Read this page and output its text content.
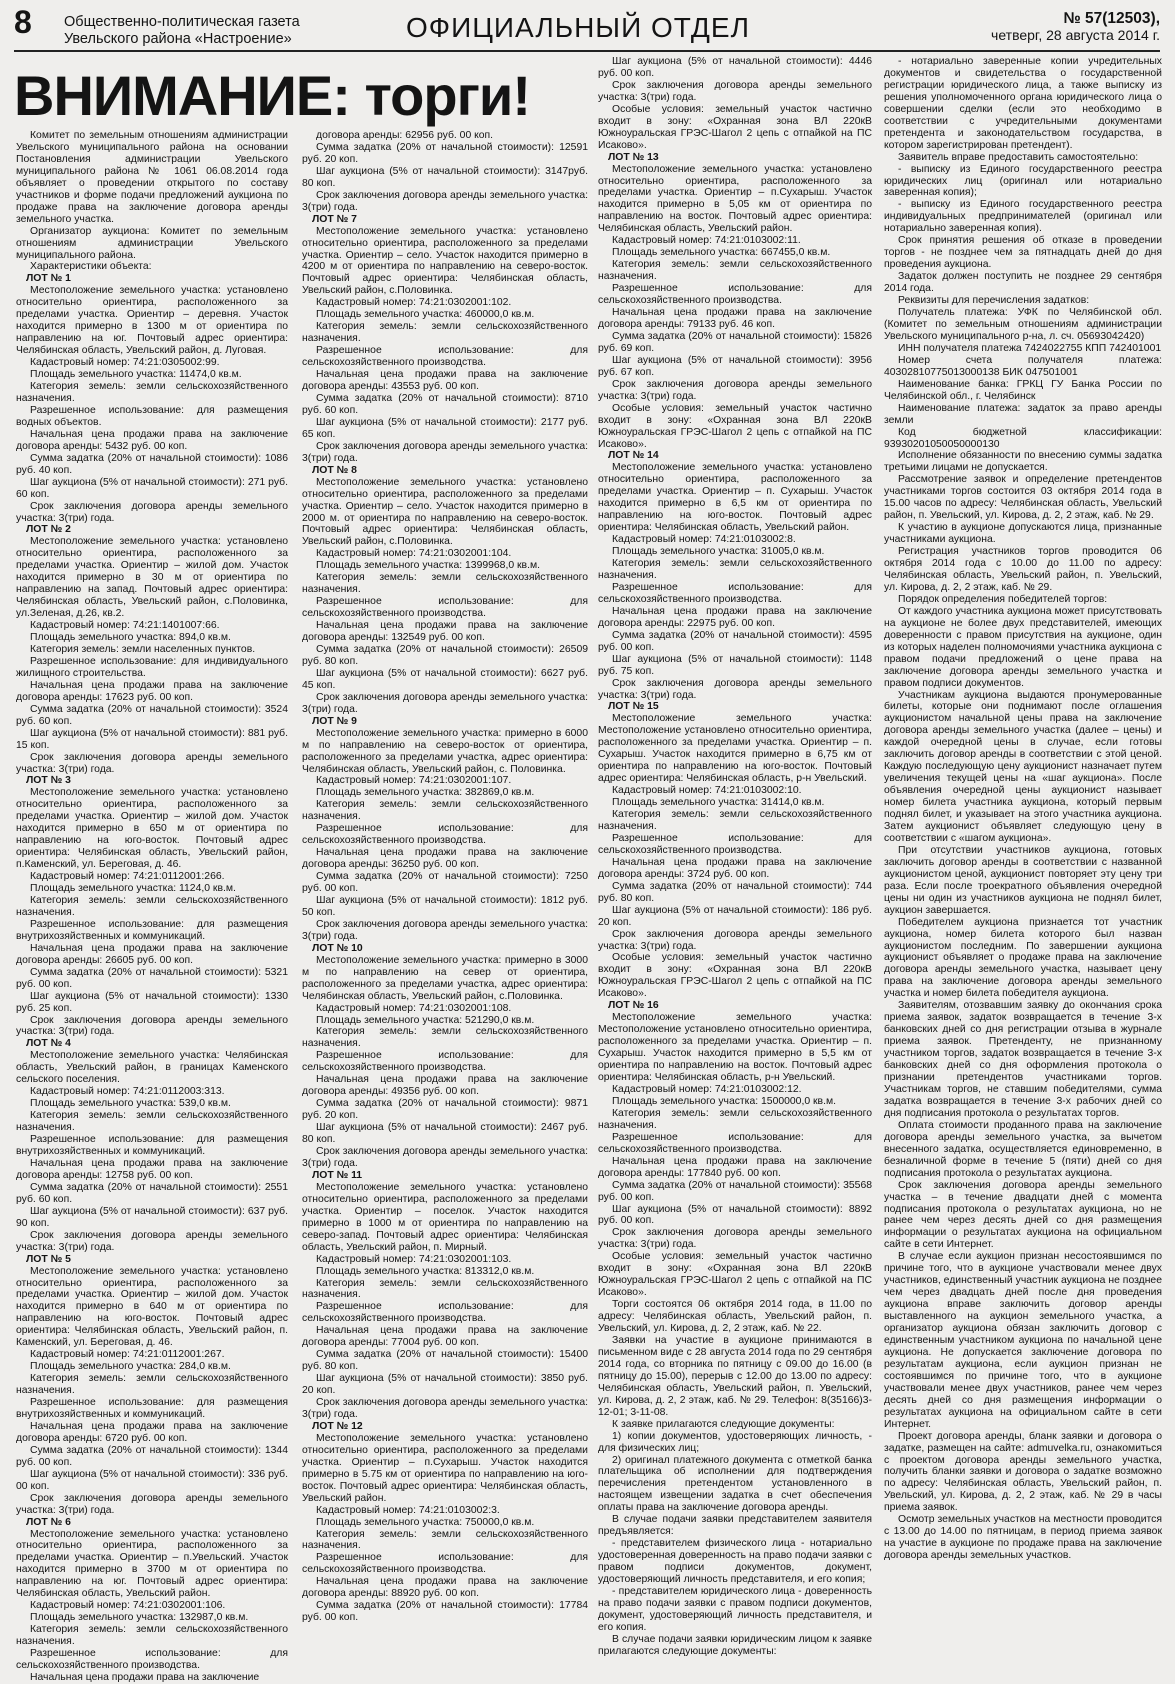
8 Общественно-политическая газета
Увельского района «Настроение»	ОФИЦИАЛЬНЫЙ ОТДЕЛ	№ 57(12503),
четверг, 28 августа 2014 г.
ВНИМАНИЕ: торги!

Комитет по земельным отношениям администрации Увельского муниципального района на основании Постановления администрации Увельского муниципального района № 1061 06.08.2014 года объявляет о проведении открытого по составу участников и форме подачи предложений аукциона по продаже права на заключение договора аренды земельного участка.

Организатор аукциона: Комитет по земельным отношениям администрации Увельского муниципального района.

Характеристики объекта:

ЛОТ № 1

Местоположение земельного участка: установлено относительно ориентира, расположенного за пределами участка. Ориентир – деревня. Участок находится примерно в 1300 м от ориентира по направлению на юг. Почтовый адрес ориентира: Челябинская область, Увельский район, д. Луговая.

Кадастровый номер: 74:21:0305002:99.

Площадь земельного участка: 11474,0 кв.м.

Категория земель: земли сельскохозяйственного назначения.

Разрешенное использование: для размещения водных объектов.

Начальная цена продажи права на заключение договора аренды: 5432 руб. 00 коп.

Сумма задатка (20% от начальной стоимости): 1086 руб. 40 коп.

Шаг аукциона (5% от начальной стоимости): 271 руб. 60 коп.

Срок заключения договора аренды земельного участка: 3(три) года.

ЛОТ № 2

Местоположение земельного участка: установлено относительно ориентира, расположенного за пределами участка. Ориентир – жилой дом. Участок находится примерно в 30 м от ориентира по направлению на запад. Почтовый адрес ориентира: Челябинская область, Увельский район, с.Половинка, ул.Зеленая, д.26, кв.2.

Кадастровый номер: 74:21:1401007:66.

Площадь земельного участка: 894,0 кв.м.

Категория земель: земли населенных пунктов.

Разрешенное использование: для индивидуального жилищного строительства.

Начальная цена продажи права на заключение договора аренды: 17623 руб. 00 коп.

Сумма задатка (20% от начальной стоимости): 3524 руб. 60 коп.

Шаг аукциона (5% от начальной стоимости): 881 руб. 15 коп.

Срок заключения договора аренды земельного участка: 3(три) года.

ЛОТ № 3

Местоположение земельного участка: установлено относительно ориентира, расположенного за пределами участка. Ориентир – жилой дом. Участок находится примерно в 650 м от ориентира по направлению на юго-восток. Почтовый адрес ориентира: Челябинская область, Увельский район, п.Каменский, ул. Береговая, д. 46.

Кадастровый номер: 74:21:0112001:266.

Площадь земельного участка: 1124,0 кв.м.

Категория земель: земли сельскохозяйственного назначения.

Разрешенное использование: для размещения внутрихозяйственных и коммуникаций.

Начальная цена продажи права на заключение договора аренды: 26605 руб. 00 коп.

Сумма задатка (20% от начальной стоимости): 5321 руб. 00 коп.

Шаг аукциона (5% от начальной стоимости): 1330 руб. 25 коп.

Срок заключения договора аренды земельного участка: 3(три) года.

ЛОТ № 4

Местоположение земельного участка: Челябинская область, Увельский район, в границах Каменского сельского поселения.

Кадастровый номер: 74:21:0112003:313.

Площадь земельного участка: 539,0 кв.м.

Категория земель: земли сельскохозяйственного назначения.

Разрешенное использование: для размещения внутрихозяйственных и коммуникаций.

Начальная цена продажи права на заключение договора аренды: 12758 руб. 00 коп.

Сумма задатка (20% от начальной стоимости): 2551 руб. 60 коп.

Шаг аукциона (5% от начальной стоимости): 637 руб. 90 коп.

Срок заключения договора аренды земельного участка: 3(три) года.

ЛОТ № 5

Местоположение земельного участка: установлено относительно ориентира, расположенного за пределами участка. Ориентир – жилой дом. Участок находится примерно в 640 м от ориентира по направлению на юго-восток. Почтовый адрес ориентира: Челябинская область, Увельский район, п. Каменский, ул. Береговая, д. 46.

Кадастровый номер: 74:21:0112001:267.

Площадь земельного участка: 284,0 кв.м.

Категория земель: земли сельскохозяйственного назначения.

Разрешенное использование: для размещения внутрихозяйственных и коммуникаций.

Начальная цена продажи права на заключение договора аренды: 6720 руб. 00 коп.

Сумма задатка (20% от начальной стоимости): 1344 руб. 00 коп.

Шаг аукциона (5% от начальной стоимости): 336 руб. 00 коп.

Срок заключения договора аренды земельного участка: 3(три) года.

ЛОТ № 6

Местоположение земельного участка: установлено относительно ориентира, расположенного за пределами участка. Ориентир – п.Увельский. Участок находится примерно в 3700 м от ориентира по направлению на юг. Почтовый адрес ориентира: Челябинская область, Увельский район.

Кадастровый номер: 74:21:0302001:106.

Площадь земельного участка: 132987,0 кв.м.

Категория земель: земли сельскохозяйственного назначения.

Разрешенное использование: для сельскохозяйственного производства.

Начальная цена продажи права на заключение

договора аренды: 62956 руб. 00 коп.

Сумма задатка (20% от начальной стоимости): 12591 руб. 20 коп.

Шаг аукциона (5% от начальной стоимости): 3147руб. 80 коп.

Срок заключения договора аренды земельного участка: 3(три) года.

ЛОТ № 7

Местоположение земельного участка: установлено относительно ориентира, расположенного за пределами участка. Ориентир – село. Участок находится примерно в 4200 м от ориентира по направлению на северо-восток. Почтовый адрес ориентира: Челябинская область, Увельский район, с.Половинка.

Кадастровый номер: 74:21:0302001:102.

Площадь земельного участка: 460000,0 кв.м.

Категория земель: земли сельскохозяйственного назначения.

Разрешенное использование: для сельскохозяйственного производства.

Начальная цена продажи права на заключение договора аренды: 43553 руб. 00 коп.

Сумма задатка (20% от начальной стоимости): 8710 руб. 60 коп.

Шаг аукциона (5% от начальной стоимости): 2177 руб. 65 коп.

Срок заключения договора аренды земельного участка: 3(три) года.

ЛОТ № 8

Местоположение земельного участка: установлено относительно ориентира, расположенного за пределами участка. Ориентир – село. Участок находится примерно в 2000 м. от ориентира по направлению на северо-восток. Почтовый адрес ориентира: Челябинская область, Увельский район, с.Половинка.

Кадастровый номер: 74:21:0302001:104.

Площадь земельного участка: 1399968,0 кв.м.

Категория земель: земли сельскохозяйственного назначения.

Разрешенное использование: для сельскохозяйственного производства.

Начальная цена продажи права на заключение договора аренды: 132549 руб. 00 коп.

Сумма задатка (20% от начальной стоимости): 26509 руб. 80 коп.

Шаг аукциона (5% от начальной стоимости): 6627 руб. 45 коп.

Срок заключения договора аренды земельного участка: 3(три) года.

ЛОТ № 9

Местоположение земельного участка: примерно в 6000 м по направлению на северо-восток от ориентира, расположенного за пределами участка, адрес ориентира: Челябинская область, Увельский район, с. Половинка.

Кадастровый номер: 74:21:0302001:107.

Площадь земельного участка: 382869,0 кв.м.

Категория земель: земли сельскохозяйственного назначения.

Разрешенное использование: для сельскохозяйственного производства.

Начальная цена продажи права на заключение договора аренды: 36250 руб. 00 коп.

Сумма задатка (20% от начальной стоимости): 7250 руб. 00 коп.

Шаг аукциона (5% от начальной стоимости): 1812 руб. 50 коп.

Срок заключения договора аренды земельного участка: 3(три) года.

ЛОТ № 10

Местоположение земельного участка: примерно в 3000 м по направлению на север от ориентира, расположенного за пределами участка, адрес ориентира: Челябинская область, Увельский район, с.Половинка.

Кадастровый номер: 74:21:0302001:108.

Площадь земельного участка: 521290,0 кв.м.

Категория земель: земли сельскохозяйственного назначения.

Разрешенное использование: для сельскохозяйственного производства.

Начальная цена продажи права на заключение договора аренды: 49356 руб. 00 коп.

Сумма задатка (20% от начальной стоимости): 9871 руб. 20 коп.

Шаг аукциона (5% от начальной стоимости): 2467 руб. 80 коп.

Срок заключения договора аренды земельного участка: 3(три) года.

ЛОТ № 11

Местоположение земельного участка: установлено относительно ориентира, расположенного за пределами участка. Ориентир – поселок. Участок находится примерно в 1000 м от ориентира по направлению на северо-запад. Почтовый адрес ориентира: Челябинская область, Увельский район, п. Мирный.

Кадастровый номер: 74:21:0302001:103.

Площадь земельного участка: 813312,0 кв.м.

Категория земель: земли сельскохозяйственного назначения.

Разрешенное использование: для сельскохозяйственного производства.

Начальная цена продажи права на заключение договора аренды: 77004 руб. 00 коп.

Сумма задатка (20% от начальной стоимости): 15400 руб. 80 коп.

Шаг аукциона (5% от начальной стоимости): 3850 руб. 20 коп.

Срок заключения договора аренды земельного участка: 3(три) года.

ЛОТ № 12

Местоположение земельного участка: установлено относительно ориентира, расположенного за пределами участка. Ориентир – п.Сухарыш. Участок находится примерно в 5.75 км от ориентира по направлению на юго-восток. Почтовый адрес ориентира: Челябинская область, Увельский район.

Кадастровый номер: 74:21:0103002:3.

Площадь земельного участка: 750000,0 кв.м.

Категория земель: земли сельскохозяйственного назначения.

Разрешенное использование: для сельскохозяйственного производства.

Начальная цена продажи права на заключение договора аренды: 88920 руб. 00 коп.

Сумма задатка (20% от начальной стоимости): 17784 руб. 00 коп.

Шаг аукциона (5% от начальной стоимости): 4446 руб. 00 коп.

Срок заключения договора аренды земельного участка: 3(три) года.

Особые условия: земельный участок частично входит в зону: «Охранная зона ВЛ 220кВ Южноуральская ГРЭС-Шагол 2 цепь с отпайкой на ПС Исаково».

ЛОТ № 13

Местоположение земельного участка: установлено относительно ориентира, расположенного за пределами участка. Ориентир – п.Сухарыш. Участок находится примерно в 5,05 км от ориентира по направлению на восток. Почтовый адрес ориентира: Челябинская область, Увельский район.

Кадастровый номер: 74:21:0103002:11.

Площадь земельного участка: 667455,0 кв.м.

Категория земель: земли сельскохозяйственного назначения.

Разрешенное использование: для сельскохозяйственного производства.

Начальная цена продажи права на заключение договора аренды: 79133 руб. 46 коп.

Сумма задатка (20% от начальной стоимости): 15826 руб. 69 коп.

Шаг аукциона (5% от начальной стоимости): 3956 руб. 67 коп.

Срок заключения договора аренды земельного участка: 3(три) года.

Особые условия: земельный участок частично входит в зону: «Охранная зона ВЛ 220кВ Южноуральская ГРЭС-Шагол 2 цепь с отпайкой на ПС Исаково».

ЛОТ № 14

Местоположение земельного участка: установлено относительно ориентира, расположенного за пределами участка. Ориентир – п. Сухарыш. Участок находится примерно в 6,5 км от ориентира по направлению на юго-восток. Почтовый адрес ориентира: Челябинская область, Увельский район.

Кадастровый номер: 74:21:0103002:8.

Площадь земельного участка: 31005,0 кв.м.

Категория земель: земли сельскохозяйственного назначения.

Разрешенное использование: для сельскохозяйственного производства.

Начальная цена продажи права на заключение договора аренды: 22975 руб. 00 коп.

Сумма задатка (20% от начальной стоимости): 4595 руб. 00 коп.

Шаг аукциона (5% от начальной стоимости): 1148 руб. 75 коп.

Срок заключения договора аренды земельного участка: 3(три) года.

ЛОТ № 15

Местоположение земельного участка: Местоположение установлено относительно ориентира, расположенного за пределами участка. Ориентир – п. Сухарыш. Участок находится примерно в 6,75 км от ориентира по направлению на юго-восток. Почтовый адрес ориентира: Челябинская область, р-н Увельский.

Кадастровый номер: 74:21:0103002:10.

Площадь земельного участка: 31414,0 кв.м.

Категория земель: земли сельскохозяйственного назначения.

Разрешенное использование: для сельскохозяйственного производства.

Начальная цена продажи права на заключение договора аренды: 3724 руб. 00 коп.

Сумма задатка (20% от начальной стоимости): 744 руб. 80 коп.

Шаг аукциона (5% от начальной стоимости): 186 руб. 20 коп.

Срок заключения договора аренды земельного участка: 3(три) года.

Особые условия: земельный участок частично входит в зону: «Охранная зона ВЛ 220кВ Южноуральская ГРЭС-Шагол 2 цепь с отпайкой на ПС Исаково».

ЛОТ № 16

Местоположение земельного участка: Местоположение установлено относительно ориентира, расположенного за пределами участка. Ориентир – п. Сухарыш. Участок находится примерно в 5,5 км от ориентира по направлению на восток. Почтовый адрес ориентира: Челябинская область, р-н Увельский.

Кадастровый номер: 74:21:0103002:12.

Площадь земельного участка: 1500000,0 кв.м.

Категория земель: земли сельскохозяйственного назначения.

Разрешенное использование: для сельскохозяйственного производства.

Начальная цена продажи права на заключение договора аренды: 177840 руб. 00 коп.

Сумма задатка (20% от начальной стоимости): 35568 руб. 00 коп.

Шаг аукциона (5% от начальной стоимости): 8892 руб. 00 коп.

Срок заключения договора аренды земельного участка: 3(три) года.

Особые условия: земельный участок частично входит в зону: «Охранная зона ВЛ 220кВ Южноуральская ГРЭС-Шагол 2 цепь с отпайкой на ПС Исаково».

Торги состоятся 06 октября 2014 года, в 11.00 по адресу: Челябинская область, Увельский район, п. Увельский, ул. Кирова, д. 2, 2 этаж, каб. № 22.

Заявки на участие в аукционе принимаются в письменном виде с 28 августа 2014 года по 29 сентября 2014 года, со вторника по пятницу с 09.00 до 16.00 (в пятницу до 15.00), перерыв с 12.00 до 13.00 по адресу: Челябинская область, Увельский район, п. Увельский, ул. Кирова, д. 2, 2 этаж, каб. № 29. Телефон: 8(35166)3-12-01; 3-11-08.

К заявке прилагаются следующие документы:

1) копии документов, удостоверяющих личность, - для физических лиц;

2) оригинал платежного документа с отметкой банка плательщика об исполнении для подтверждения перечисления претендентом установленного в настоящем извещении задатка в счет обеспечения оплаты права на заключение договора аренды.

В случае подачи заявки представителем заявителя предъявляется:

- представителем физического лица - нотариально удостоверенная доверенность на право подачи заявки с правом подписи документов, документ, удостоверяющий личность представителя, и его копия;

- представителем юридического лица - доверенность на право подачи заявки с правом подписи документов, документ, удостоверяющий личность представителя, и его копия.

В случае подачи заявки юридическим лицом к заявке прилагаются следующие документы:

- нотариально заверенные копии учредительных документов и свидетельства о государственной регистрации юридического лица, а также выписку из решения уполномоченного органа юридического лица о совершении сделки (если это необходимо в соответствии с учредительными документами претендента и законодательством государства, в котором зарегистрирован претендент).

Заявитель вправе предоставить самостоятельно:

- выписку из Единого государственного реестра юридических лиц (оригинал или нотариально заверенная копия);

- выписку из Единого государственного реестра индивидуальных предпринимателей (оригинал или нотариально заверенная копия).

Срок принятия решения об отказе в проведении торгов - не позднее чем за пятнадцать дней до дня проведения аукциона.

Задаток должен поступить не позднее 29 сентября 2014 года.

Реквизиты для перечисления задатков:

Получатель платежа: УФК по Челябинской обл. (Комитет по земельным отношениям администрации Увельского муниципального р-на, л. сч. 05693042420)

ИНН получателя платежа 7424022755 КПП 742401001

Номер счета получателя платежа: 40302810775013000138 БИК 047501001

Наименование банка: ГРКЦ ГУ Банка России по Челябинской обл., г. Челябинск

Наименование платежа: задаток за право аренды земли

Код бюджетной классификации: 93930201050050000130

Исполнение обязанности по внесению суммы задатка третьими лицами не допускается.

Рассмотрение заявок и определение претендентов участниками торгов состоится 03 октября 2014 года в 15.00 часов по адресу: Челябинская область, Увельский район, п. Увельский, ул. Кирова, д. 2, 2 этаж, каб. № 29.

К участию в аукционе допускаются лица, признанные участниками аукциона.

Регистрация участников торгов проводится 06 октября 2014 года с 10.00 до 11.00 по адресу: Челябинская область, Увельский район, п. Увельский, ул. Кирова, д. 2, 2 этаж, каб. № 29.

Порядок определения победителей торгов:

От каждого участника аукциона может присутствовать на аукционе не более двух представителей, имеющих доверенности с правом присутствия на аукционе, один из которых наделен полномочиями участника аукциона с правом подачи предложений о цене права на заключение договора аренды земельного участка и правом подписи документов.

Участникам аукциона выдаются пронумерованные билеты, которые они поднимают после оглашения аукционистом начальной цены права на заключение договора аренды земельного участка (далее – цены) и каждой очередной цены в случае, если готовы заключить договор аренды в соответствии с этой ценой. Каждую последующую цену аукционист назначает путем увеличения текущей цены на «шаг аукциона». После объявления очередной цены аукционист называет номер билета участника аукциона, который первым поднял билет, и указывает на этого участника аукциона. Затем аукционист объявляет следующую цену в соответствии с «шагом аукциона».

При отсутствии участников аукциона, готовых заключить договор аренды в соответствии с названной аукционистом ценой, аукционист повторяет эту цену три раза. Если после троекратного объявления очередной цены ни один из участников аукциона не поднял билет, аукцион завершается.

Победителем аукциона признается тот участник аукциона, номер билета которого был назван аукционистом последним. По завершении аукциона аукционист объявляет о продаже права на заключение договора аренды земельного участка, называет цену права на заключение договора аренды земельного участка и номер билета победителя аукциона.

Заявителям, отозвавшим заявку до окончания срока приема заявок, задаток возвращается в течение 3-х банковских дней со дня регистрации отзыва в журнале приема заявок. Претенденту, не признанному участником торгов, задаток возвращается в течение 3-х банковских дней со дня оформления протокола о признании претендентов участниками торгов. Участникам торгов, не ставшим победителями, сумма задатка возвращается в течение 3-х рабочих дней со дня подписания протокола о результатах торгов.

Оплата стоимости проданного права на заключение договора аренды земельного участка, за вычетом внесенного задатка, осуществляется единовременно, в безналичной форме в течение 5 (пяти) дней со дня подписания протокола о результатах аукциона.

Срок заключения договора аренды земельного участка – в течение двадцати дней с момента подписания протокола о результатах аукциона, но не ранее чем через десять дней со дня размещения информации о результатах аукциона на официальном сайте в сети Интернет.

В случае если аукцион признан несостоявшимся по причине того, что в аукционе участвовали менее двух участников, единственный участник аукциона не позднее чем через двадцать дней после дня проведения аукциона вправе заключить договор аренды выставленного на аукцион земельного участка, а организатор аукциона обязан заключить договор с единственным участником аукциона по начальной цене аукциона. Не допускается заключение договора по результатам аукциона, если аукцион признан не состоявшимся по причине того, что в аукционе участвовали менее двух участников, ранее чем через десять дней со дня размещения информации о результатах аукциона на официальном сайте в сети Интернет.

Проект договора аренды, бланк заявки и договора о задатке, размещен на сайте: admuvelka.ru, ознакомиться с проектом договора аренды земельного участка, получить бланки заявки и договора о задатке возможно по адресу: Челябинская область, Увельский район, п. Увельский, ул. Кирова, д. 2, 2 этаж, каб. № 29 в часы приема заявок.

Осмотр земельных участков на местности проводится с 13.00 до 14.00 по пятницам, в период приема заявок на участие в аукционе по продаже права на заключение договора аренды земельных участков.
